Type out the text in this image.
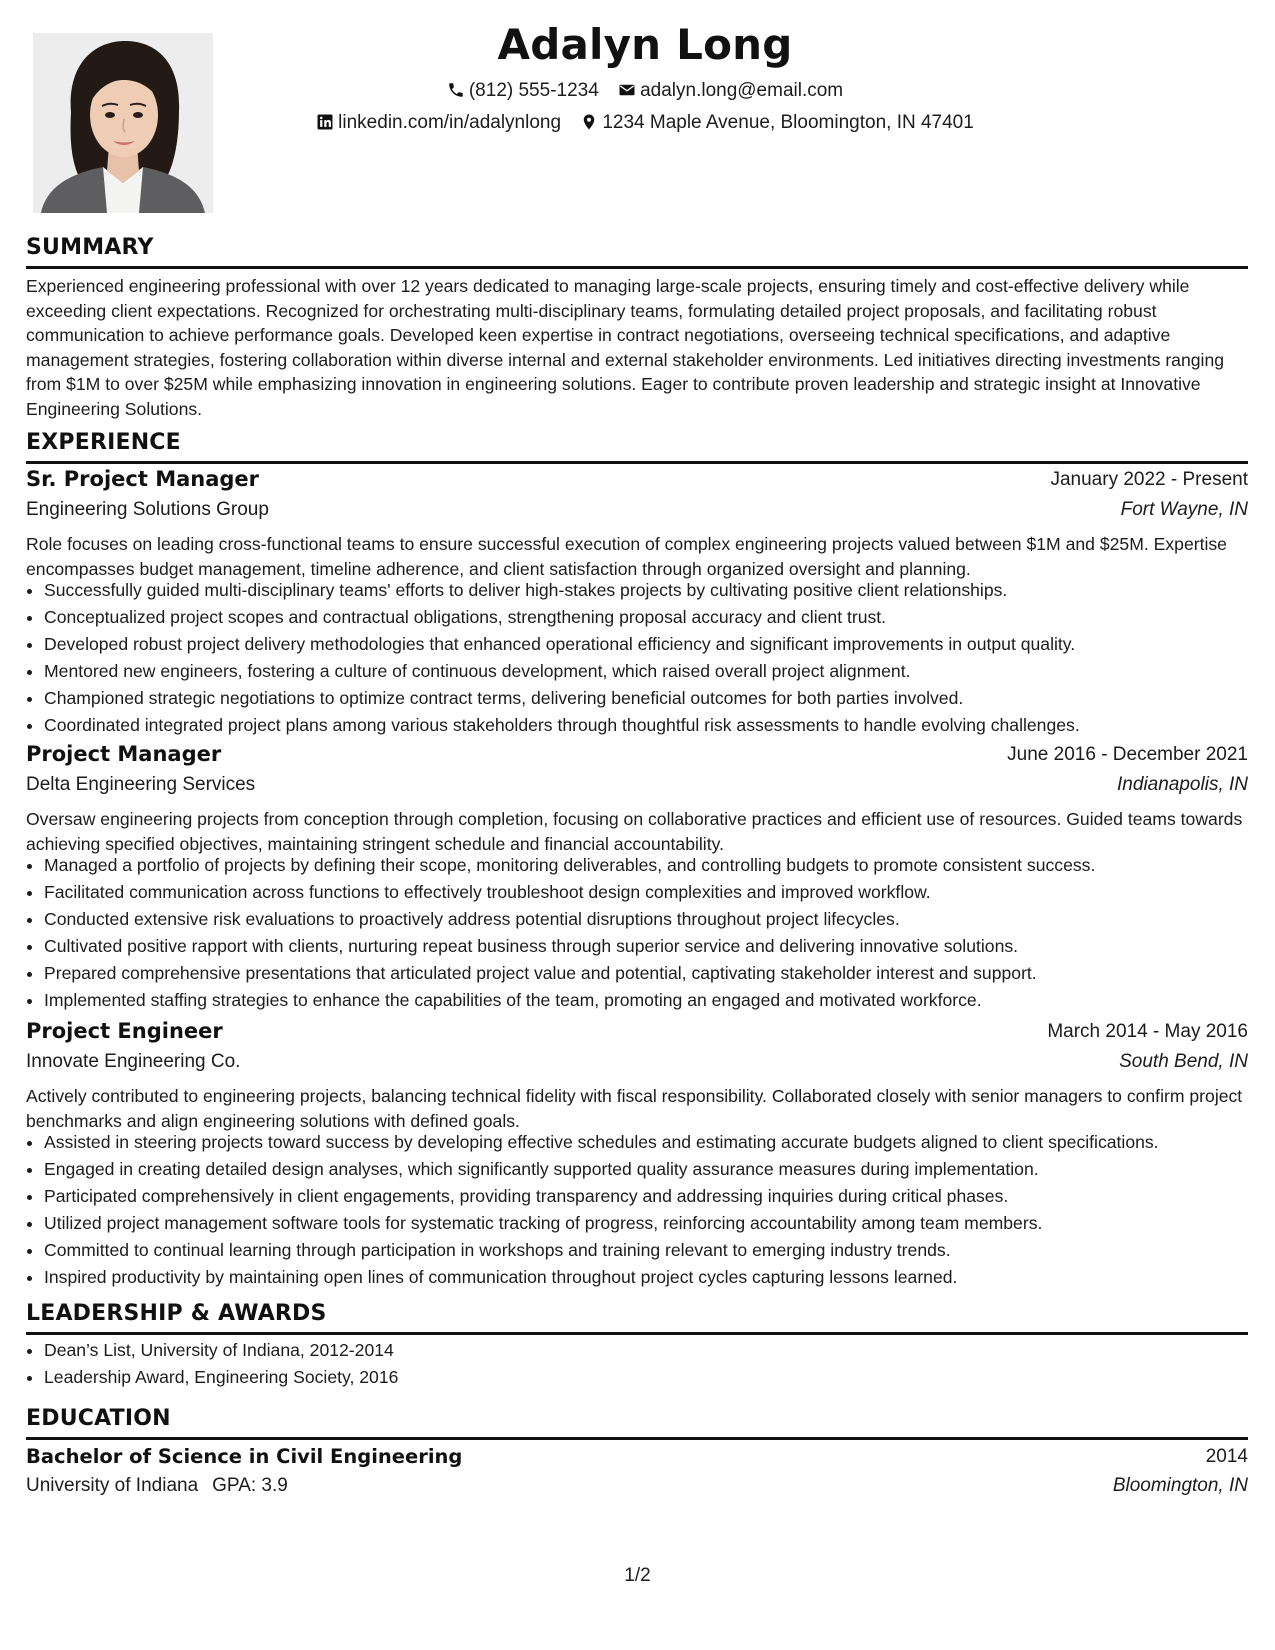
Adalyn Long
(812) 555-1234 adalyn.long@email.com
linkedin.com/in/adalynlong 1234 Maple Avenue, Bloomington, IN 47401
SUMMARY
Experienced engineering professional with over 12 years dedicated to managing large-scale projects, ensuring timely and cost-effective delivery while exceeding client expectations. Recognized for orchestrating multi-disciplinary teams, formulating detailed project proposals, and facilitating robust communication to achieve performance goals. Developed keen expertise in contract negotiations, overseeing technical specifications, and adaptive management strategies, fostering collaboration within diverse internal and external stakeholder environments. Led initiatives directing investments ranging from $1M to over $25M while emphasizing innovation in engineering solutions. Eager to contribute proven leadership and strategic insight at Innovative Engineering Solutions.
EXPERIENCE
Sr. Project Manager	January 2022 - Present
Engineering Solutions Group	Fort Wayne, IN
Role focuses on leading cross-functional teams to ensure successful execution of complex engineering projects valued between $1M and $25M. Expertise encompasses budget management, timeline adherence, and client satisfaction through organized oversight and planning.
• Successfully guided multi-disciplinary teams' efforts to deliver high-stakes projects by cultivating positive client relationships.
• Conceptualized project scopes and contractual obligations, strengthening proposal accuracy and client trust.
• Developed robust project delivery methodologies that enhanced operational efficiency and significant improvements in output quality.
• Mentored new engineers, fostering a culture of continuous development, which raised overall project alignment.
• Championed strategic negotiations to optimize contract terms, delivering beneficial outcomes for both parties involved.
• Coordinated integrated project plans among various stakeholders through thoughtful risk assessments to handle evolving challenges.
Project Manager	June 2016 - December 2021
Delta Engineering Services	Indianapolis, IN
Oversaw engineering projects from conception through completion, focusing on collaborative practices and efficient use of resources. Guided teams towards achieving specified objectives, maintaining stringent schedule and financial accountability.
• Managed a portfolio of projects by defining their scope, monitoring deliverables, and controlling budgets to promote consistent success.
• Facilitated communication across functions to effectively troubleshoot design complexities and improved workflow.
• Conducted extensive risk evaluations to proactively address potential disruptions throughout project lifecycles.
• Cultivated positive rapport with clients, nurturing repeat business through superior service and delivering innovative solutions.
• Prepared comprehensive presentations that articulated project value and potential, captivating stakeholder interest and support.
• Implemented staffing strategies to enhance the capabilities of the team, promoting an engaged and motivated workforce.
Project Engineer	March 2014 - May 2016
Innovate Engineering Co.	South Bend, IN
Actively contributed to engineering projects, balancing technical fidelity with fiscal responsibility. Collaborated closely with senior managers to confirm project benchmarks and align engineering solutions with defined goals.
• Assisted in steering projects toward success by developing effective schedules and estimating accurate budgets aligned to client specifications.
• Engaged in creating detailed design analyses, which significantly supported quality assurance measures during implementation.
• Participated comprehensively in client engagements, providing transparency and addressing inquiries during critical phases.
• Utilized project management software tools for systematic tracking of progress, reinforcing accountability among team members.
• Committed to continual learning through participation in workshops and training relevant to emerging industry trends.
• Inspired productivity by maintaining open lines of communication throughout project cycles capturing lessons learned.
LEADERSHIP & AWARDS
• Dean’s List, University of Indiana, 2012-2014
• Leadership Award, Engineering Society, 2016
EDUCATION
Bachelor of Science in Civil Engineering	2014
University of Indiana GPA: 3.9	Bloomington, IN
1/2
